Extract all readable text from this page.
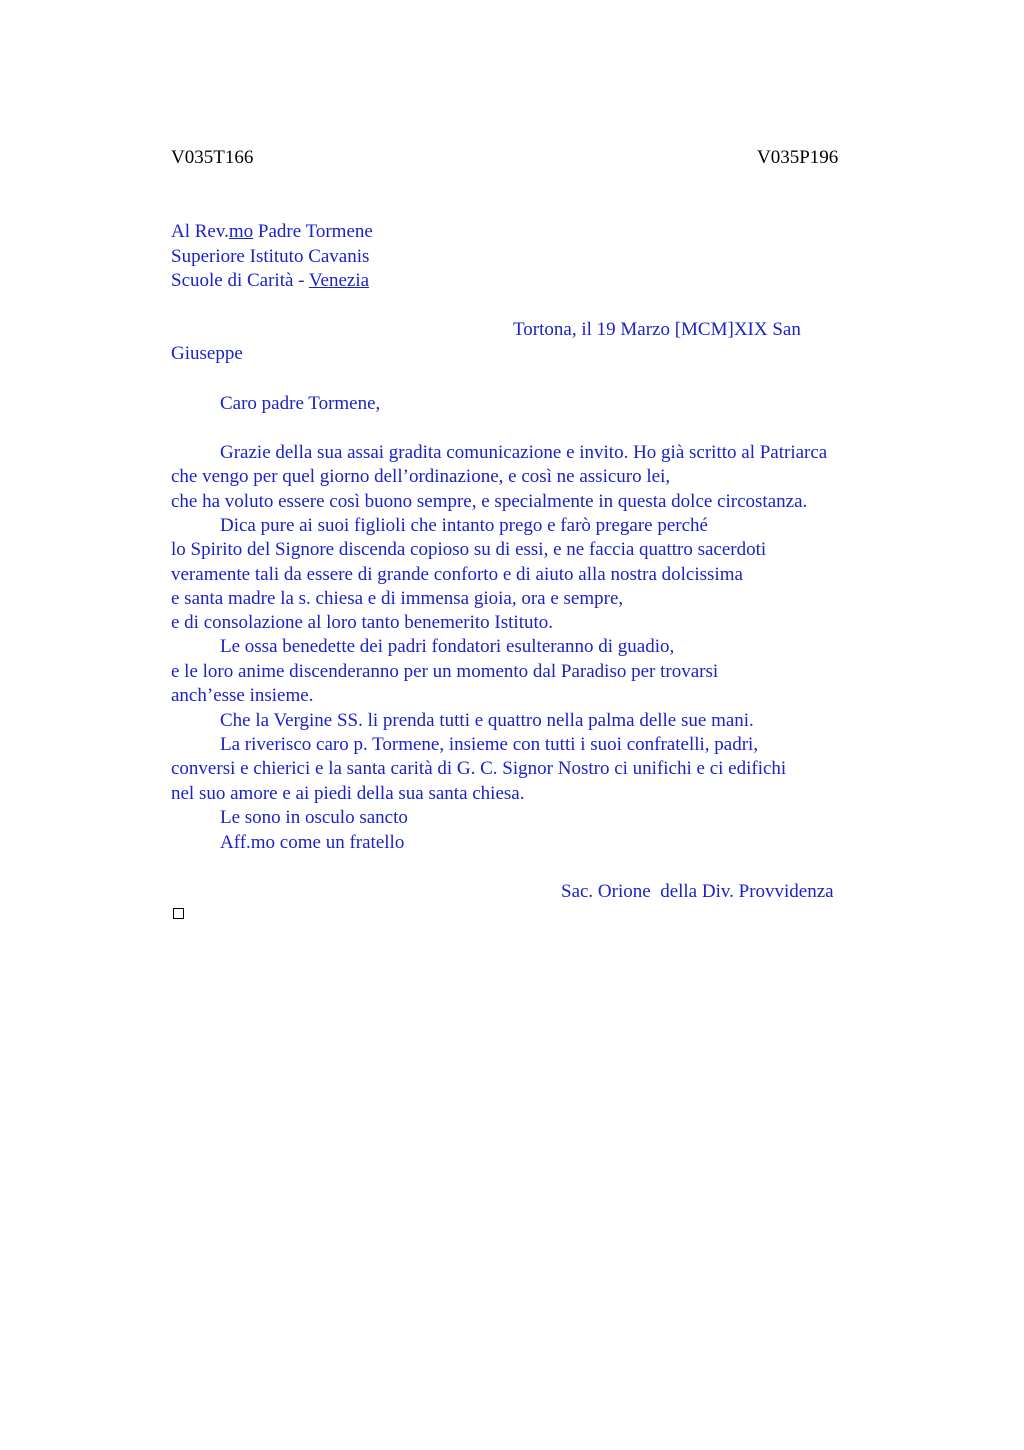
V035T166	V035P196
Al Rev.mo Padre Tormene
Superiore Istituto Cavanis
Scuole di Carità - Venezia
Tortona, il 19 Marzo [MCM]XIX San
Giuseppe
Caro padre Tormene,
Grazie della sua assai gradita comunicazione e invito. Ho già scritto al Patriarca
che vengo per quel giorno dell’ordinazione, e così ne assicuro lei,
che ha voluto essere così buono sempre, e specialmente in questa dolce circostanza.
Dica pure ai suoi figlioli che intanto prego e farò pregare perché
lo Spirito del Signore discenda copioso su di essi, e ne faccia quattro sacerdoti
veramente tali da essere di grande conforto e di aiuto alla nostra dolcissima
e santa madre la s. chiesa e di immensa gioia, ora e sempre,
e di consolazione al loro tanto benemerito Istituto.
Le ossa benedette dei padri fondatori esulteranno di guadio,
e le loro anime discenderanno per un momento dal Paradiso per trovarsi
anch’esse insieme.
Che la Vergine SS. li prenda tutti e quattro nella palma delle sue mani.
La riverisco caro p. Tormene, insieme con tutti i suoi confratelli, padri,
conversi e chierici e la santa carità di G. C. Signor Nostro ci unifichi e ci edifichi
nel suo amore e ai piedi della sua santa chiesa.
Le sono in osculo sancto
Aff.mo come un fratello
Sac. Orione  della Div. Provvidenza
